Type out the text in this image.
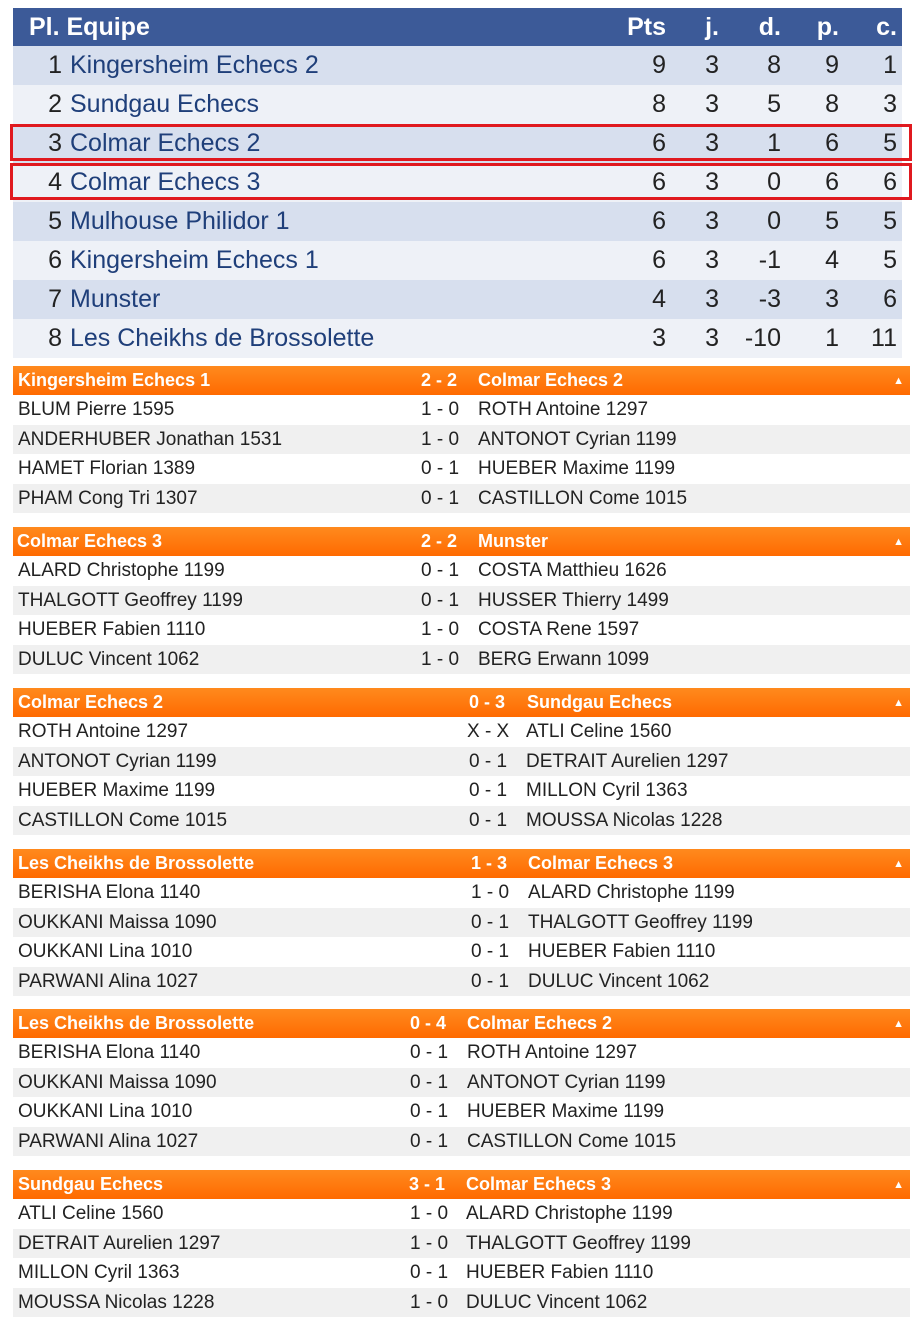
Pl. Equipe	Pts j. d. p. c.
1 Kingersheim Echecs 2	9 3 8 9 1
2 Sundgau Echecs	8 3 5 8 3
3 Colmar Echecs 2	6 3 1 6 5
4 Colmar Echecs 3	6 3 0 6 6
5 Mulhouse Philidor 1	6 3 0 5 5
6 Kingersheim Echecs 1	6 3 -1 4 5
7 Munster	4 3 -3 3 6
8 Les Cheikhs de Brossolette	3 3 -10 1 11
Kingersheim Echecs 1	2 - 2 Colmar Echecs 2	▲
BLUM Pierre 1595	1 - 0 ROTH Antoine 1297
ANDERHUBER Jonathan 1531	1 - 0 ANTONOT Cyrian 1199
HAMET Florian 1389	0 - 1 HUEBER Maxime 1199
PHAM Cong Tri 1307	0 - 1 CASTILLON Come 1015
Colmar Echecs 3	2 - 2 Munster	▲
ALARD Christophe 1199	0 - 1 COSTA Matthieu 1626
THALGOTT Geoffrey 1199	0 - 1 HUSSER Thierry 1499
HUEBER Fabien 1110	1 - 0 COSTA Rene 1597
DULUC Vincent 1062	1 - 0 BERG Erwann 1099
Colmar Echecs 2	0 - 3 Sundgau Echecs	▲
ROTH Antoine 1297	X - X ATLI Celine 1560
ANTONOT Cyrian 1199	0 - 1 DETRAIT Aurelien 1297
HUEBER Maxime 1199	0 - 1 MILLON Cyril 1363
CASTILLON Come 1015	0 - 1 MOUSSA Nicolas 1228
Les Cheikhs de Brossolette	1 - 3 Colmar Echecs 3	▲
BERISHA Elona 1140	1 - 0 ALARD Christophe 1199
OUKKANI Maissa 1090	0 - 1 THALGOTT Geoffrey 1199
OUKKANI Lina 1010	0 - 1 HUEBER Fabien 1110
PARWANI Alina 1027	0 - 1 DULUC Vincent 1062
Les Cheikhs de Brossolette	0 - 4 Colmar Echecs 2	▲
BERISHA Elona 1140	0 - 1 ROTH Antoine 1297
OUKKANI Maissa 1090	0 - 1 ANTONOT Cyrian 1199
OUKKANI Lina 1010	0 - 1 HUEBER Maxime 1199
PARWANI Alina 1027	0 - 1 CASTILLON Come 1015
Sundgau Echecs	3 - 1 Colmar Echecs 3	▲
ATLI Celine 1560	1 - 0 ALARD Christophe 1199
DETRAIT Aurelien 1297	1 - 0 THALGOTT Geoffrey 1199
MILLON Cyril 1363	0 - 1 HUEBER Fabien 1110
MOUSSA Nicolas 1228	1 - 0 DULUC Vincent 1062
